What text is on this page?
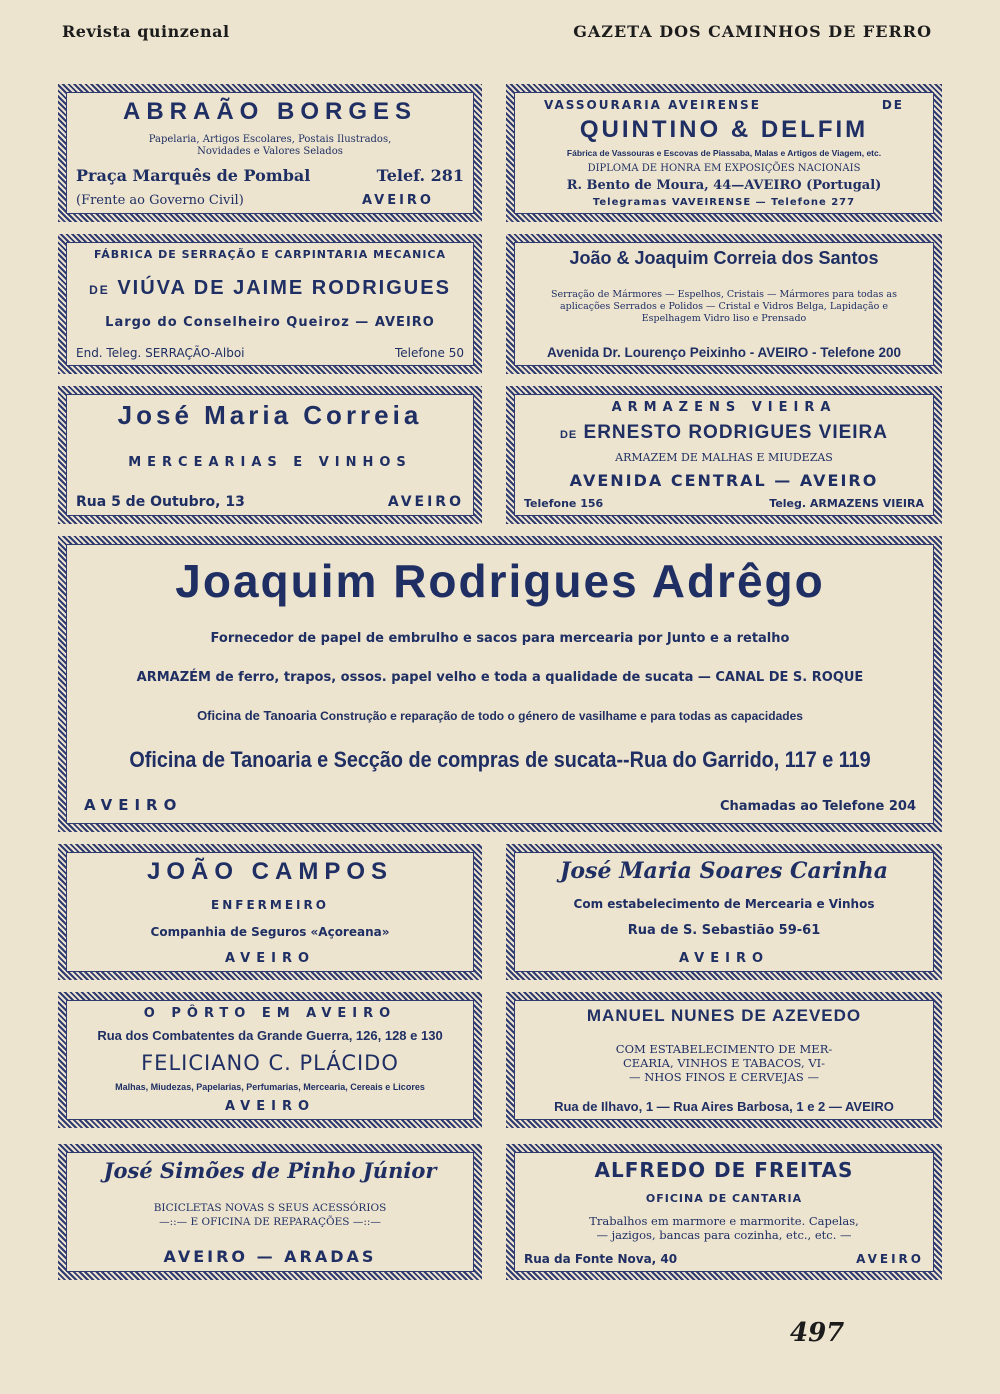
Revista quinzenal	GAZETA DOS CAMINHOS DE FERRO
ABRAÃO BORGES
Papelaria, Artigos Escolares, Postais Ilustrados, Novidades e Valores Selados
Praça Marquês de Pombal	Telef. 281
(Frente ao Governo Civil)	AVEIRO
VASSOURARIA AVEIRENSE	DE
QUINTINO & DELFIM
Fábrica de Vassouras e Escovas de Piassaba, Malas e Artigos de Viagem, etc.
DIPLOMA DE HONRA EM EXPOSIÇÕES NACIONAIS
R. Bento de Moura, 44—AVEIRO (Portugal)
Telegramas VAVEIRENSE — Telefone 277
FÁBRICA DE SERRAÇÃO E CARPINTARIA MECANICA
DE VIÚVA DE JAIME RODRIGUES
Largo do Conselheiro Queiroz — AVEIRO
End. Teleg. SERRAÇÃO-Alboi	Telefone 50
João & Joaquim Correia dos Santos
Serração de Mármores — Espelhos, Cristais — Mármores para todas as aplicações Serrados e Polidos — Cristal e Vidros Belga, Lapidação e Espelhagem Vidro liso e Prensado
Avenida Dr. Lourenço Peixinho - AVEIRO - Telefone 200
José Maria Correia
MERCEARIAS E VINHOS
Rua 5 de Outubro, 13	AVEIRO
ARMAZENS VIEIRA
DE ERNESTO RODRIGUES VIEIRA
ARMAZEM DE MALHAS E MIUDEZAS
AVENIDA CENTRAL — AVEIRO
Telefone 156	Teleg. ARMAZENS VIEIRA
Joaquim Rodrigues Adrêgo
Fornecedor de papel de embrulho e sacos para mercearia por Junto e a retalho
ARMAZÉM de ferro, trapos, ossos. papel velho e toda a qualidade de sucata — CANAL DE S. ROQUE
Oficina de Tanoaria Construção e reparação de todo o género de vasilhame e para todas as capacidades
Oficina de Tanoaria e Secção de compras de sucata--Rua do Garrido, 117 e 119
AVEIRO	Chamadas ao Telefone 204
JOÃO CAMPOS
ENFERMEIRO
Companhia de Seguros «Açoreana»
AVEIRO
José Maria Soares Carinha
Com estabelecimento de Mercearia e Vinhos
Rua de S. Sebastião 59-61
AVEIRO
O PÔRTO EM AVEIRO
Rua dos Combatentes da Grande Guerra, 126, 128 e 130
FELICIANO C. PLÁCIDO
Malhas, Miudezas, Papelarias, Perfumarias, Mercearia, Cereais e Licores
AVEIRO
MANUEL NUNES DE AZEVEDO
COM ESTABELECIMENTO DE MER-
CEARIA, VINHOS E TABACOS, VI-
— NHOS FINOS E CERVEJAS —
Rua de Ilhavo, 1 — Rua Aires Barbosa, 1 e 2 — AVEIRO
José Simões de Pinho Júnior
BICICLETAS NOVAS S SEUS ACESSÓRIOS
—::— E OFICINA DE REPARAÇÕES —::—
AVEIRO — ARADAS
ALFREDO DE FREITAS
OFICINA DE CANTARIA
Trabalhos em marmore e marmorite. Capelas,
— jazigos, bancas para cozinha, etc., etc. —
Rua da Fonte Nova, 40	AVEIRO
497
